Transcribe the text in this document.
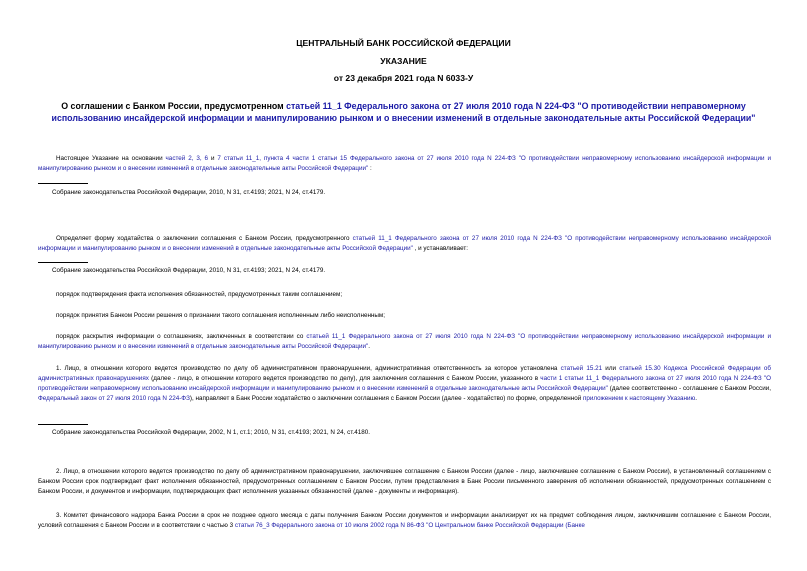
ЦЕНТРАЛЬНЫЙ БАНК РОССИЙСКОЙ ФЕДЕРАЦИИ
УКАЗАНИЕ
от 23 декабря 2021 года N 6033-У
О соглашении с Банком России, предусмотренном статьей 11_1 Федерального закона от 27 июля 2010 года N 224-ФЗ "О противодействии неправомерному использованию инсайдерской информации и манипулированию рынком и о внесении изменений в отдельные законодательные акты Российской Федерации"
Настоящее Указание на основании частей 2, 3, 6 и 7 статьи 11_1, пункта 4 части 1 статьи 15 Федерального закона от 27 июля 2010 года N 224-ФЗ "О противодействии неправомерному использованию инсайдерской информации и манипулированию рынком и о внесении изменений в отдельные законодательные акты Российской Федерации" :
Собрание законодательства Российской Федерации, 2010, N 31, ст.4193; 2021, N 24, ст.4179.
Определяет форму ходатайства о заключении соглашения с Банком России, предусмотренного статьей 11_1 Федерального закона от 27 июля 2010 года N 224-ФЗ "О противодействии неправомерному использованию инсайдерской информации и манипулированию рынком и о внесении изменений в отдельные законодательные акты Российской Федерации" , и устанавливает:
Собрание законодательства Российской Федерации, 2010, N 31, ст.4193; 2021, N 24, ст.4179.
порядок подтверждения факта исполнения обязанностей, предусмотренных таким соглашением;
порядок принятия Банком России решения о признании такого соглашения исполненным либо неисполненным;
порядок раскрытия информации о соглашениях, заключенных в соответствии со статьей 11_1 Федерального закона от 27 июля 2010 года N 224-ФЗ "О противодействии неправомерному использованию инсайдерской информации и манипулированию рынком и о внесении изменений в отдельные законодательные акты Российской Федерации".
1. Лицо, в отношении которого ведется производство по делу об административном правонарушении, административная ответственность за которое установлена статьей 15.21 или статьей 15.30 Кодекса Российской Федерации об административных правонарушениях (далее - лицо, в отношении которого ведется производство по делу), для заключения соглашения с Банком России, указанного в части 1 статьи 11_1 Федерального закона от 27 июля 2010 года N 224-ФЗ "О противодействии неправомерному использованию инсайдерской информации и манипулированию рынком и о внесении изменений в отдельные законодательные акты Российской Федерации" (далее соответственно - соглашение с Банком России, Федеральный закон от 27 июля 2010 года N 224-ФЗ), направляет в Банк России ходатайство о заключении соглашения с Банком России (далее - ходатайство) по форме, определенной приложением к настоящему Указанию.
Собрание законодательства Российской Федерации, 2002, N 1, ст.1; 2010, N 31, ст.4193; 2021, N 24, ст.4180.
2. Лицо, в отношении которого ведется производство по делу об административном правонарушении, заключившее соглашение с Банком России (далее - лицо, заключившее соглашение с Банком России), в установленный соглашением с Банком России срок подтверждает факт исполнения обязанностей, предусмотренных соглашением с Банком России, путем представления в Банк России письменного заверения об исполнении обязанностей, предусмотренных соглашением с Банком России, и документов и информации, подтверждающих факт исполнения указанных обязанностей (далее - документы и информация).
3. Комитет финансового надзора Банка России в срок не позднее одного месяца с даты получения Банком России документов и информации анализирует их на предмет соблюдения лицом, заключившим соглашение с Банком России, условий соглашения с Банком России и в соответствии с частью 3 статьи 76_3 Федерального закона от 10 июля 2002 года N 86-ФЗ "О Центральном банке Российской Федерации (Банке
